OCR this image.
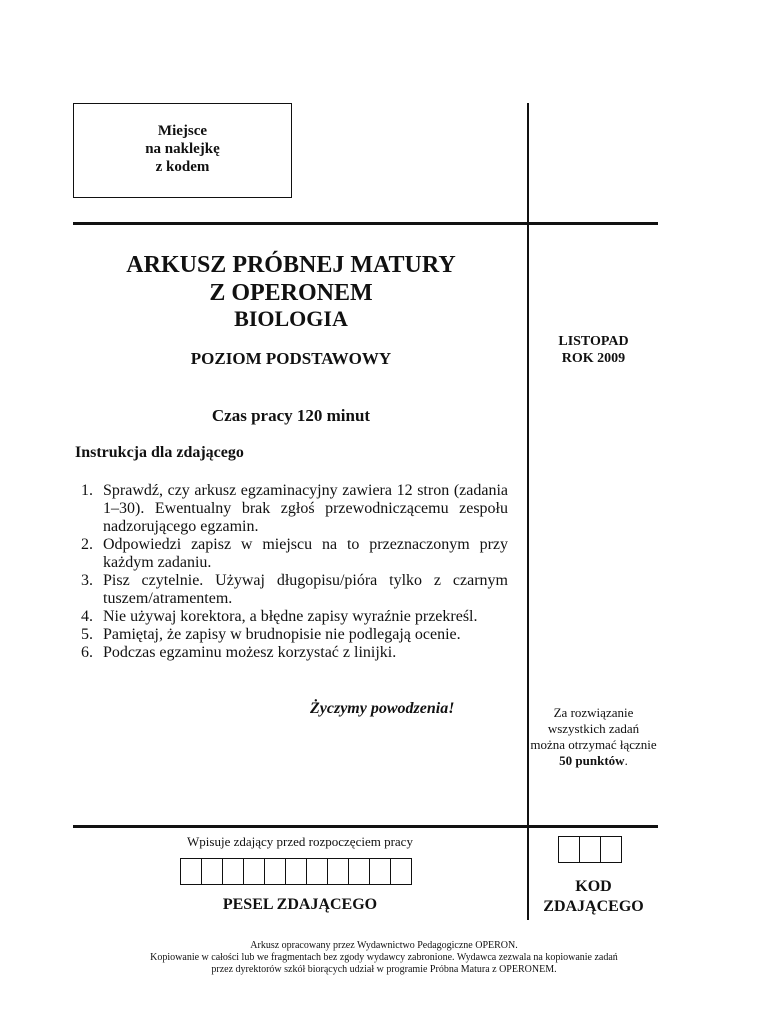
Miejsce
na naklejkę
z kodem
ARKUSZ PRÓBNEJ MATURY
Z OPERONEM
BIOLOGIA
POZIOM PODSTAWOWY
Czas pracy 120 minut
Instrukcja dla zdającego
1. Sprawdź, czy arkusz egzaminacyjny zawiera 12 stron (zadania 1–30). Ewentualny brak zgłoś przewodniczącemu zespołu nadzorującego egzamin.
2. Odpowiedzi zapisz w miejscu na to przeznaczonym przy każdym zadaniu.
3. Pisz czytelnie. Używaj długopisu/pióra tylko z czarnym tuszem/atramentem.
4. Nie używaj korektora, a błędne zapisy wyraźnie przekreśl.
5. Pamiętaj, że zapisy w brudnopisie nie podlegają ocenie.
6. Podczas egzaminu możesz korzystać z linijki.
Życzymy powodzenia!
LISTOPAD
ROK 2009
Za rozwiązanie wszystkich zadań można otrzymać łącznie 50 punktów.
Wpisuje zdający przed rozpoczęciem pracy
PESEL ZDAJĄCEGO
KOD
ZDAJĄCEGO
Arkusz opracowany przez Wydawnictwo Pedagogiczne OPERON.
Kopiowanie w całości lub we fragmentach bez zgody wydawcy zabronione. Wydawca zezwala na kopiowanie zadań
przez dyrektorów szkół biorących udział w programie Próbna Matura z OPERONEM.
